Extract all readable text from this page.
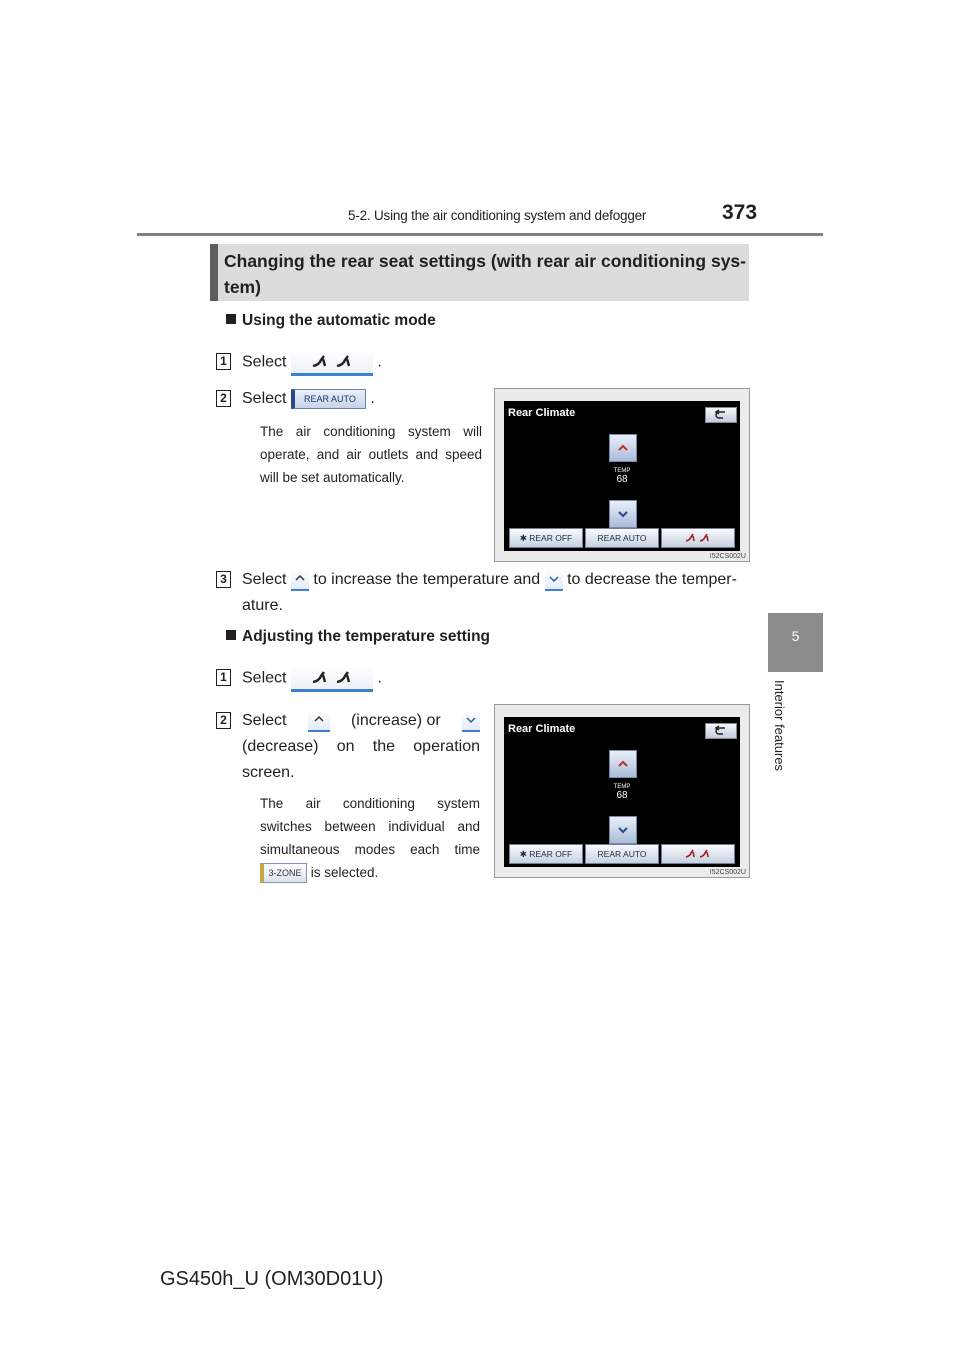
5-2. Using the air conditioning system and defogger	373
5
Interior features
Changing the rear seat settings (with rear air conditioning sys-tem)
Using the automatic mode
1 Select	.
2 Select REAR AUTO .
The air conditioning system will
operate, and air outlets and speed
will be set automatically.
Rear Climate
TEMP
68
✱ REAR OFF	REAR AUTO
I52CS002U
3 Select to increase the temperature and to decrease the temper-
ature.
Adjusting the temperature setting
1 Select	.
2 Select	(increase) or
(decrease) on the operation
screen.
The air conditioning system
switches between individual and
simultaneous modes each time
3-ZONE is selected.
Rear Climate
TEMP
68
✱ REAR OFF	REAR AUTO
I52CS002U
GS450h_U (OM30D01U)
